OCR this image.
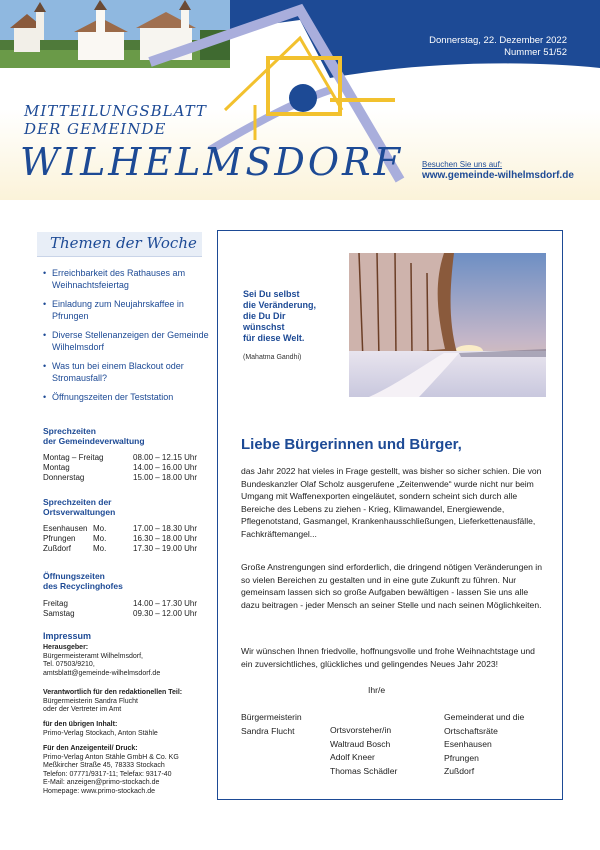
Donnerstag, 22. Dezember 2022
Nummer 51/52
MITTEILUNGSBLATT
DER GEMEINDE
WILHELMSDORF Besuchen Sie uns auf:
www.gemeinde-wilhelmsdorf.de
Themen der Woche
• Erreichbarkeit des Rathauses am Weihnachtsfeiertag
• Einladung zum Neujahrskaffee in Pfrungen
• Diverse Stellenanzeigen der Gemeinde Wilhelmsdorf
• Was tun bei einem Blackout oder Stromausfall?
• Öffnungszeiten der Teststation
Sprechzeiten
der Gemeindeverwaltung
Montag – Freitag	08.00 – 12.15 Uhr
Montag	14.00 – 16.00 Uhr
Donnerstag	15.00 – 18.00 Uhr
Sprechzeiten der
Ortsverwaltungen
Esenhausen Mo.	17.00 – 18.30 Uhr
Pfrungen Mo.	16.30 – 18.00 Uhr
Zußdorf	Mo.	17.30 – 19.00 Uhr
Öffnungszeiten
des Recyclinghofes
Freitag	14.00 – 17.30 Uhr
Samstag	09.30 – 12.00 Uhr
Impressum
Herausgeber:
Bürgermeisteramt Wilhelmsdorf,
Tel. 07503/9210,
amtsblatt@gemeinde-wilhelmsdorf.de
Verantwortlich für den redaktionellen Teil:
Bürgermeisterin Sandra Flucht
oder der Vertreter im Amt
für den übrigen Inhalt:
Primo-Verlag Stockach, Anton Stähle
Für den Anzeigenteil/ Druck:
Primo-Verlag Anton Stähle GmbH & Co. KG
Meßkircher Straße 45, 78333 Stockach
Telefon: 07771/9317-11; Telefax: 9317-40
E-Mail: anzeigen@primo-stockach.de
Homepage: www.primo-stockach.de
Sei Du selbst
die Veränderung,
die Du Dir
wünschst
für diese Welt.
(Mahatma Gandhi)
Liebe Bürgerinnen und Bürger,

das Jahr 2022 hat vieles in Frage gestellt, was bisher so sicher schien. Die von Bundeskanzler Olaf Scholz ausgerufene „Zeitenwende“ wurde nicht nur beim Umgang mit Waffenexporten eingeläutet, sondern scheint sich durch alle Bereiche des Lebens zu ziehen - Krieg, Klimawandel, Energiewende, Pflegenotstand, Gasmangel, Krankenhausschließungen, Lieferkettenausfälle, Fachkräftemangel...

Große Anstrengungen sind erforderlich, die dringend nötigen Veränderungen in so vielen Bereichen zu gestalten und in eine gute Zukunft zu führen. Nur gemeinsam lassen sich so große Aufgaben bewältigen - lassen Sie uns alle dazu beitragen - jeder Mensch an seiner Stelle und nach seinen Möglichkeiten.

Wir wünschen Ihnen friedvolle, hoffnungsvolle und frohe Weihnachtstage und ein zuversichtliches, glückliches und gelingendes Neues Jahr 2023!

Ihr/e
Bürgermeisterin
Sandra Flucht	Ortsvorsteher/in
Waltraud Bosch
Adolf Kneer
Thomas Schädler
Gemeinderat und die
Ortschaftsräte
Esenhausen
Pfrungen
Zußdorf
